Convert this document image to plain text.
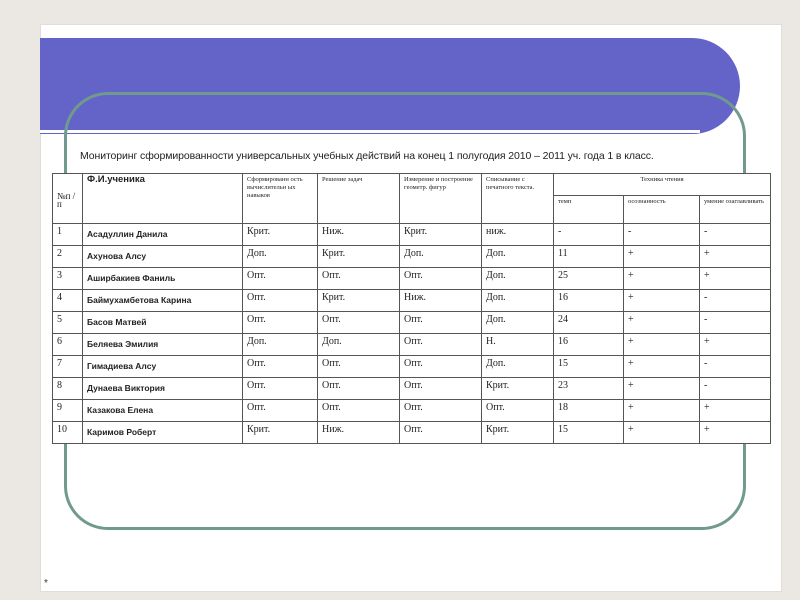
Мониторинг сформированности универсальных учебных действий на конец 1 полугодия 2010 – 2011 уч. года 1 в класс.
№п /п	Ф.И.ученика	Сформированн ость вычислительн ых навыков	Решение задач	Измерение и построение геометр. фигур	Списывание с печатного текста.	Техника чтения		
						темп	осознанность	умение озаглавливать
1	Асадуллин Данила	Крит.	Ниж.	Крит.	ниж.	-	-	-
2	Ахунова Алсу	Доп.	Крит.	Доп.	Доп.	11	+	+
3	Аширбакиев Фаниль	Опт.	Опт.	Опт.	Доп.	25	+	+
4	Баймухамбетова Карина	Опт.	Крит.	Ниж.	Доп.	16	+	-
5	Басов Матвей	Опт.	Опт.	Опт.	Доп.	24	+	-
6	Беляева Эмилия	Доп.	Доп.	Опт.	Н.	16	+	+
7	Гимадиева Алсу	Опт.	Опт.	Опт.	Доп.	15	+	-
8	Дунаева Виктория	Опт.	Опт.	Опт.	Крит.	23	+	-
9	Казакова Елена	Опт.	Опт.	Опт.	Опт.	18	+	+
10	Каримов Роберт	Крит.	Ниж.	Опт.	Крит.	15	+	+
*
